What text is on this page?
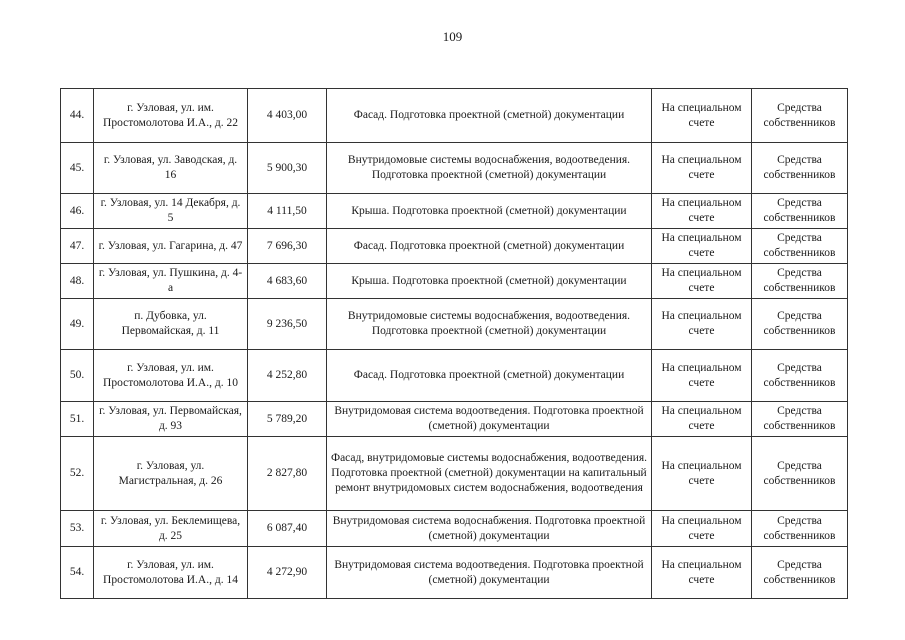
109
44.	г. Узловая, ул. им. Простомолотова И.А., д. 22	4 403,00	Фасад. Подготовка проектной (сметной) документации	На специальном счете	Средства собственников
45.	г. Узловая, ул. Заводская, д. 16	5 900,30	Внутридомовые системы водоснабжения, водоотведения. Подготовка проектной (сметной) документации	На специальном счете	Средства собственников
46.	г. Узловая, ул. 14 Декабря, д. 5	4 111,50	Крыша. Подготовка проектной (сметной) документации	На специальном счете	Средства собственников
47.	г. Узловая, ул. Гагарина, д. 47	7 696,30	Фасад. Подготовка проектной (сметной) документации	На специальном счете	Средства собственников
48.	г. Узловая, ул. Пушкина, д. 4-а	4 683,60	Крыша. Подготовка проектной (сметной) документации	На специальном счете	Средства собственников
49.	п. Дубовка, ул. Первомайская, д. 11	9 236,50	Внутридомовые системы водоснабжения, водоотведения. Подготовка проектной (сметной) документации	На специальном счете	Средства собственников
50.	г. Узловая, ул. им. Простомолотова И.А., д. 10	4 252,80	Фасад. Подготовка проектной (сметной) документации	На специальном счете	Средства собственников
51.	г. Узловая, ул. Первомайская, д. 93	5 789,20	Внутридомовая система водоотведения. Подготовка проектной (сметной) документации	На специальном счете	Средства собственников
52.	г. Узловая, ул. Магистральная, д. 26	2 827,80	Фасад, внутридомовые системы водоснабжения, водоотведения. Подготовка проектной (сметной) документации на капитальный ремонт внутридомовых систем водоснабжения, водоотведения	На специальном счете	Средства собственников
53.	г. Узловая, ул. Беклемищева, д. 25	6 087,40	Внутридомовая система водоснабжения. Подготовка проектной (сметной) документации	На специальном счете	Средства собственников
54.	г. Узловая, ул. им. Простомолотова И.А., д. 14	4 272,90	Внутридомовая система водоотведения. Подготовка проектной (сметной) документации	На специальном счете	Средства собственников
